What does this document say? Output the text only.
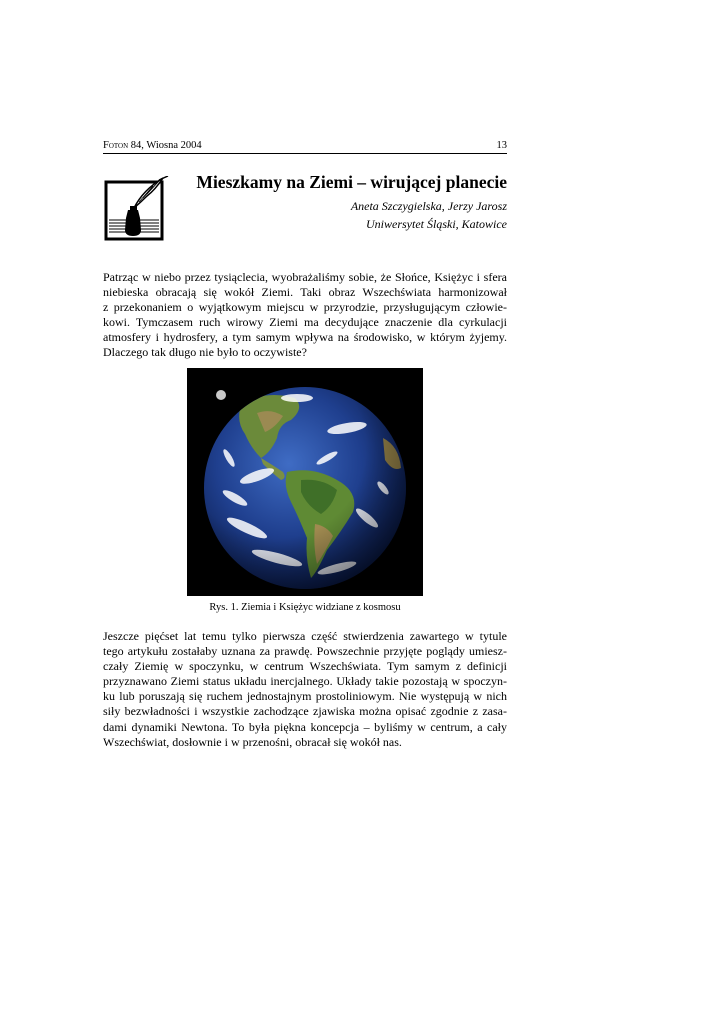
Foton 84, Wiosna 2004	13
Mieszkamy na Ziemi – wirującej planecie
Aneta Szczygielska, Jerzy Jarosz
Uniwersytet Śląski, Katowice
Patrząc w niebo przez tysiąclecia, wyobrażaliśmy sobie, że Słońce, Księżyc i sfera
niebieska obracają się wokół Ziemi. Taki obraz Wszechświata harmonizował
z przekonaniem o wyjątkowym miejscu w przyrodzie, przysługującym człowie-
kowi. Tymczasem ruch wirowy Ziemi ma decydujące znaczenie dla cyrkulacji
atmosfery i hydrosfery, a tym samym wpływa na środowisko, w którym żyjemy.
Dlaczego tak długo nie było to oczywiste?
Rys. 1. Ziemia i Księżyc widziane z kosmosu
Jeszcze pięćset lat temu tylko pierwsza część stwierdzenia zawartego w tytule
tego artykułu zostałaby uznana za prawdę. Powszechnie przyjęte poglądy umiesz-
czały Ziemię w spoczynku, w centrum Wszechświata. Tym samym z definicji
przyznawano Ziemi status układu inercjalnego. Układy takie pozostają w spoczyn-
ku lub poruszają się ruchem jednostajnym prostoliniowym. Nie występują w nich
siły bezwładności i wszystkie zachodzące zjawiska można opisać zgodnie z zasa-
dami dynamiki Newtona. To była piękna koncepcja – byliśmy w centrum, a cały
Wszechświat, dosłownie i w przenośni, obracał się wokół nas.
